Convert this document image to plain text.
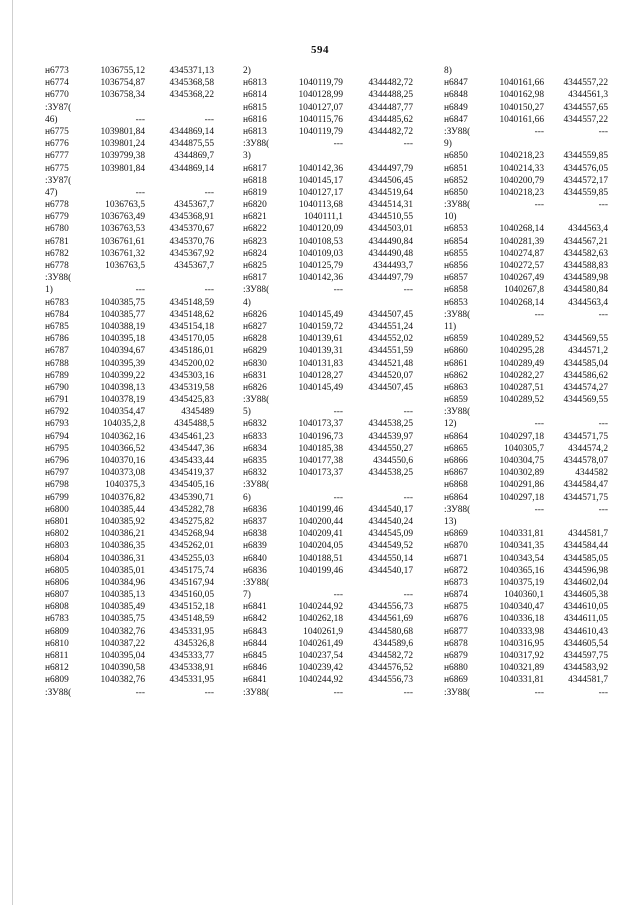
594
н6773	1036755,12	4345371,13
н6774	1036754,87	4345368,58
н6770	1036758,34	4345368,22
:ЗУ87(
46)	---	---
н6775	1039801,84	4344869,14
н6776	1039801,24	4344875,55
н6777	1039799,38	4344869,7
н6775	1039801,84	4344869,14
:ЗУ87(
47)	---	---
н6778	1036763,5	4345367,7
н6779	1036763,49	4345368,91
н6780	1036763,53	4345370,67
н6781	1036761,61	4345370,76
н6782	1036761,32	4345367,92
н6778	1036763,5	4345367,7
:ЗУ88(
1)	---	---
н6783	1040385,75	4345148,59
н6784	1040385,77	4345148,62
н6785	1040388,19	4345154,18
н6786	1040395,18	4345170,05
н6787	1040394,67	4345186,01
н6788	1040395,39	4345200,02
н6789	1040399,22	4345303,16
н6790	1040398,13	4345319,58
н6791	1040378,19	4345425,83
н6792	1040354,47	4345489
н6793	104035,2,8	4345488,5
н6794	1040362,16	4345461,23
н6795	1040366,52	4345447,36
н6796	1040370,16	4345433,44
н6797	1040373,08	4345419,37
н6798	1040375,3	4345405,16
н6799	1040376,82	4345390,71
н6800	1040385,44	4345282,78
н6801	1040385,92	4345275,82
н6802	1040386,21	4345268,94
н6803	1040386,35	4345262,01
н6804	1040386,31	4345255,03
н6805	1040385,01	4345175,74
н6806	1040384,96	4345167,94
н6807	1040385,13	4345160,05
н6808	1040385,49	4345152,18
н6783	1040385,75	4345148,59
н6809	1040382,76	4345331,95
н6810	1040387,22	4345326,8
н6811	1040395,04	4345333,77
н6812	1040390,58	4345338,91
н6809	1040382,76	4345331,95
:ЗУ88(	---	---
2)
н6813	1040119,79	4344482,72
н6814	1040128,99	4344488,25
н6815	1040127,07	4344487,77
н6816	1040115,76	4344485,62
н6813	1040119,79	4344482,72
:ЗУ88(	---	---
3)
н6817	1040142,36	4344497,79
н6818	1040145,17	4344506,45
н6819	1040127,17	4344519,64
н6820	1040113,68	4344514,31
н6821	1040111,1	4344510,55
н6822	1040120,09	4344503,01
н6823	1040108,53	4344490,84
н6824	1040109,03	4344490,48
н6825	1040125,79	4344493,7
н6817	1040142,36	4344497,79
:ЗУ88(	---	---
4)
н6826	1040145,49	4344507,45
н6827	1040159,72	4344551,24
н6828	1040139,61	4344552,02
н6829	1040139,31	4344551,59
н6830	1040131,83	4344521,48
н6831	1040128,27	4344520,07
н6826	1040145,49	4344507,45
:ЗУ88(
5)	---	---
н6832	1040173,37	4344538,25
н6833	1040196,73	4344539,97
н6834	1040185,38	4344550,27
н6835	1040177,38	4344550,6
н6832	1040173,37	4344538,25
:ЗУ88(
6)	---	---
н6836	1040199,46	4344540,17
н6837	1040200,44	4344540,24
н6838	1040209,41	4344545,09
н6839	1040204,05	4344549,52
н6840	1040188,51	4344550,14
н6836	1040199,46	4344540,17
:ЗУ88(
7)	---	---
н6841	1040244,92	4344556,73
н6842	1040262,18	4344561,69
н6843	1040261,9	4344580,68
н6844	1040261,49	4344589,6
н6845	1040237,54	4344582,72
н6846	1040239,42	4344576,52
н6841	1040244,92	4344556,73
:ЗУ88(	---	---
8)
н6847	1040161,66	4344557,22
н6848	1040162,98	4344561,3
н6849	1040150,27	4344557,65
н6847	1040161,66	4344557,22
:ЗУ88(	---	---
9)
н6850	1040218,23	4344559,85
н6851	1040214,33	4344576,05
н6852	1040200,79	4344572,17
н6850	1040218,23	4344559,85
:ЗУ88(	---	---
10)
н6853	1040268,14	4344563,4
н6854	1040281,39	4344567,21
н6855	1040274,87	4344582,63
н6856	1040272,57	4344588,83
н6857	1040267,49	4344589,98
н6858	1040267,8	4344580,84
н6853	1040268,14	4344563,4
:ЗУ88(	---	---
11)
н6859	1040289,52	4344569,55
н6860	1040295,28	4344571,2
н6861	1040289,49	4344585,04
н6862	1040282,27	4344586,62
н6863	1040287,51	4344574,27
н6859	1040289,52	4344569,55
:ЗУ88(
12)	---	---
н6864	1040297,18	4344571,75
н6865	1040305,7	4344574,2
н6866	1040304,75	4344578,07
н6867	1040302,89	4344582
н6868	1040291,86	4344584,47
н6864	1040297,18	4344571,75
:ЗУ88(	---	---
13)
н6869	1040331,81	4344581,7
н6870	1040341,35	4344584,44
н6871	1040343,54	4344585,05
н6872	1040365,16	4344596,98
н6873	1040375,19	4344602,04
н6874	1040360,1	4344605,38
н6875	1040340,47	4344610,05
н6876	1040336,18	4344611,05
н6877	1040333,98	4344610,43
н6878	1040316,95	4344605,54
н6879	1040317,92	4344597,75
н6880	1040321,89	4344583,92
н6869	1040331,81	4344581,7
:ЗУ88(	---	---
